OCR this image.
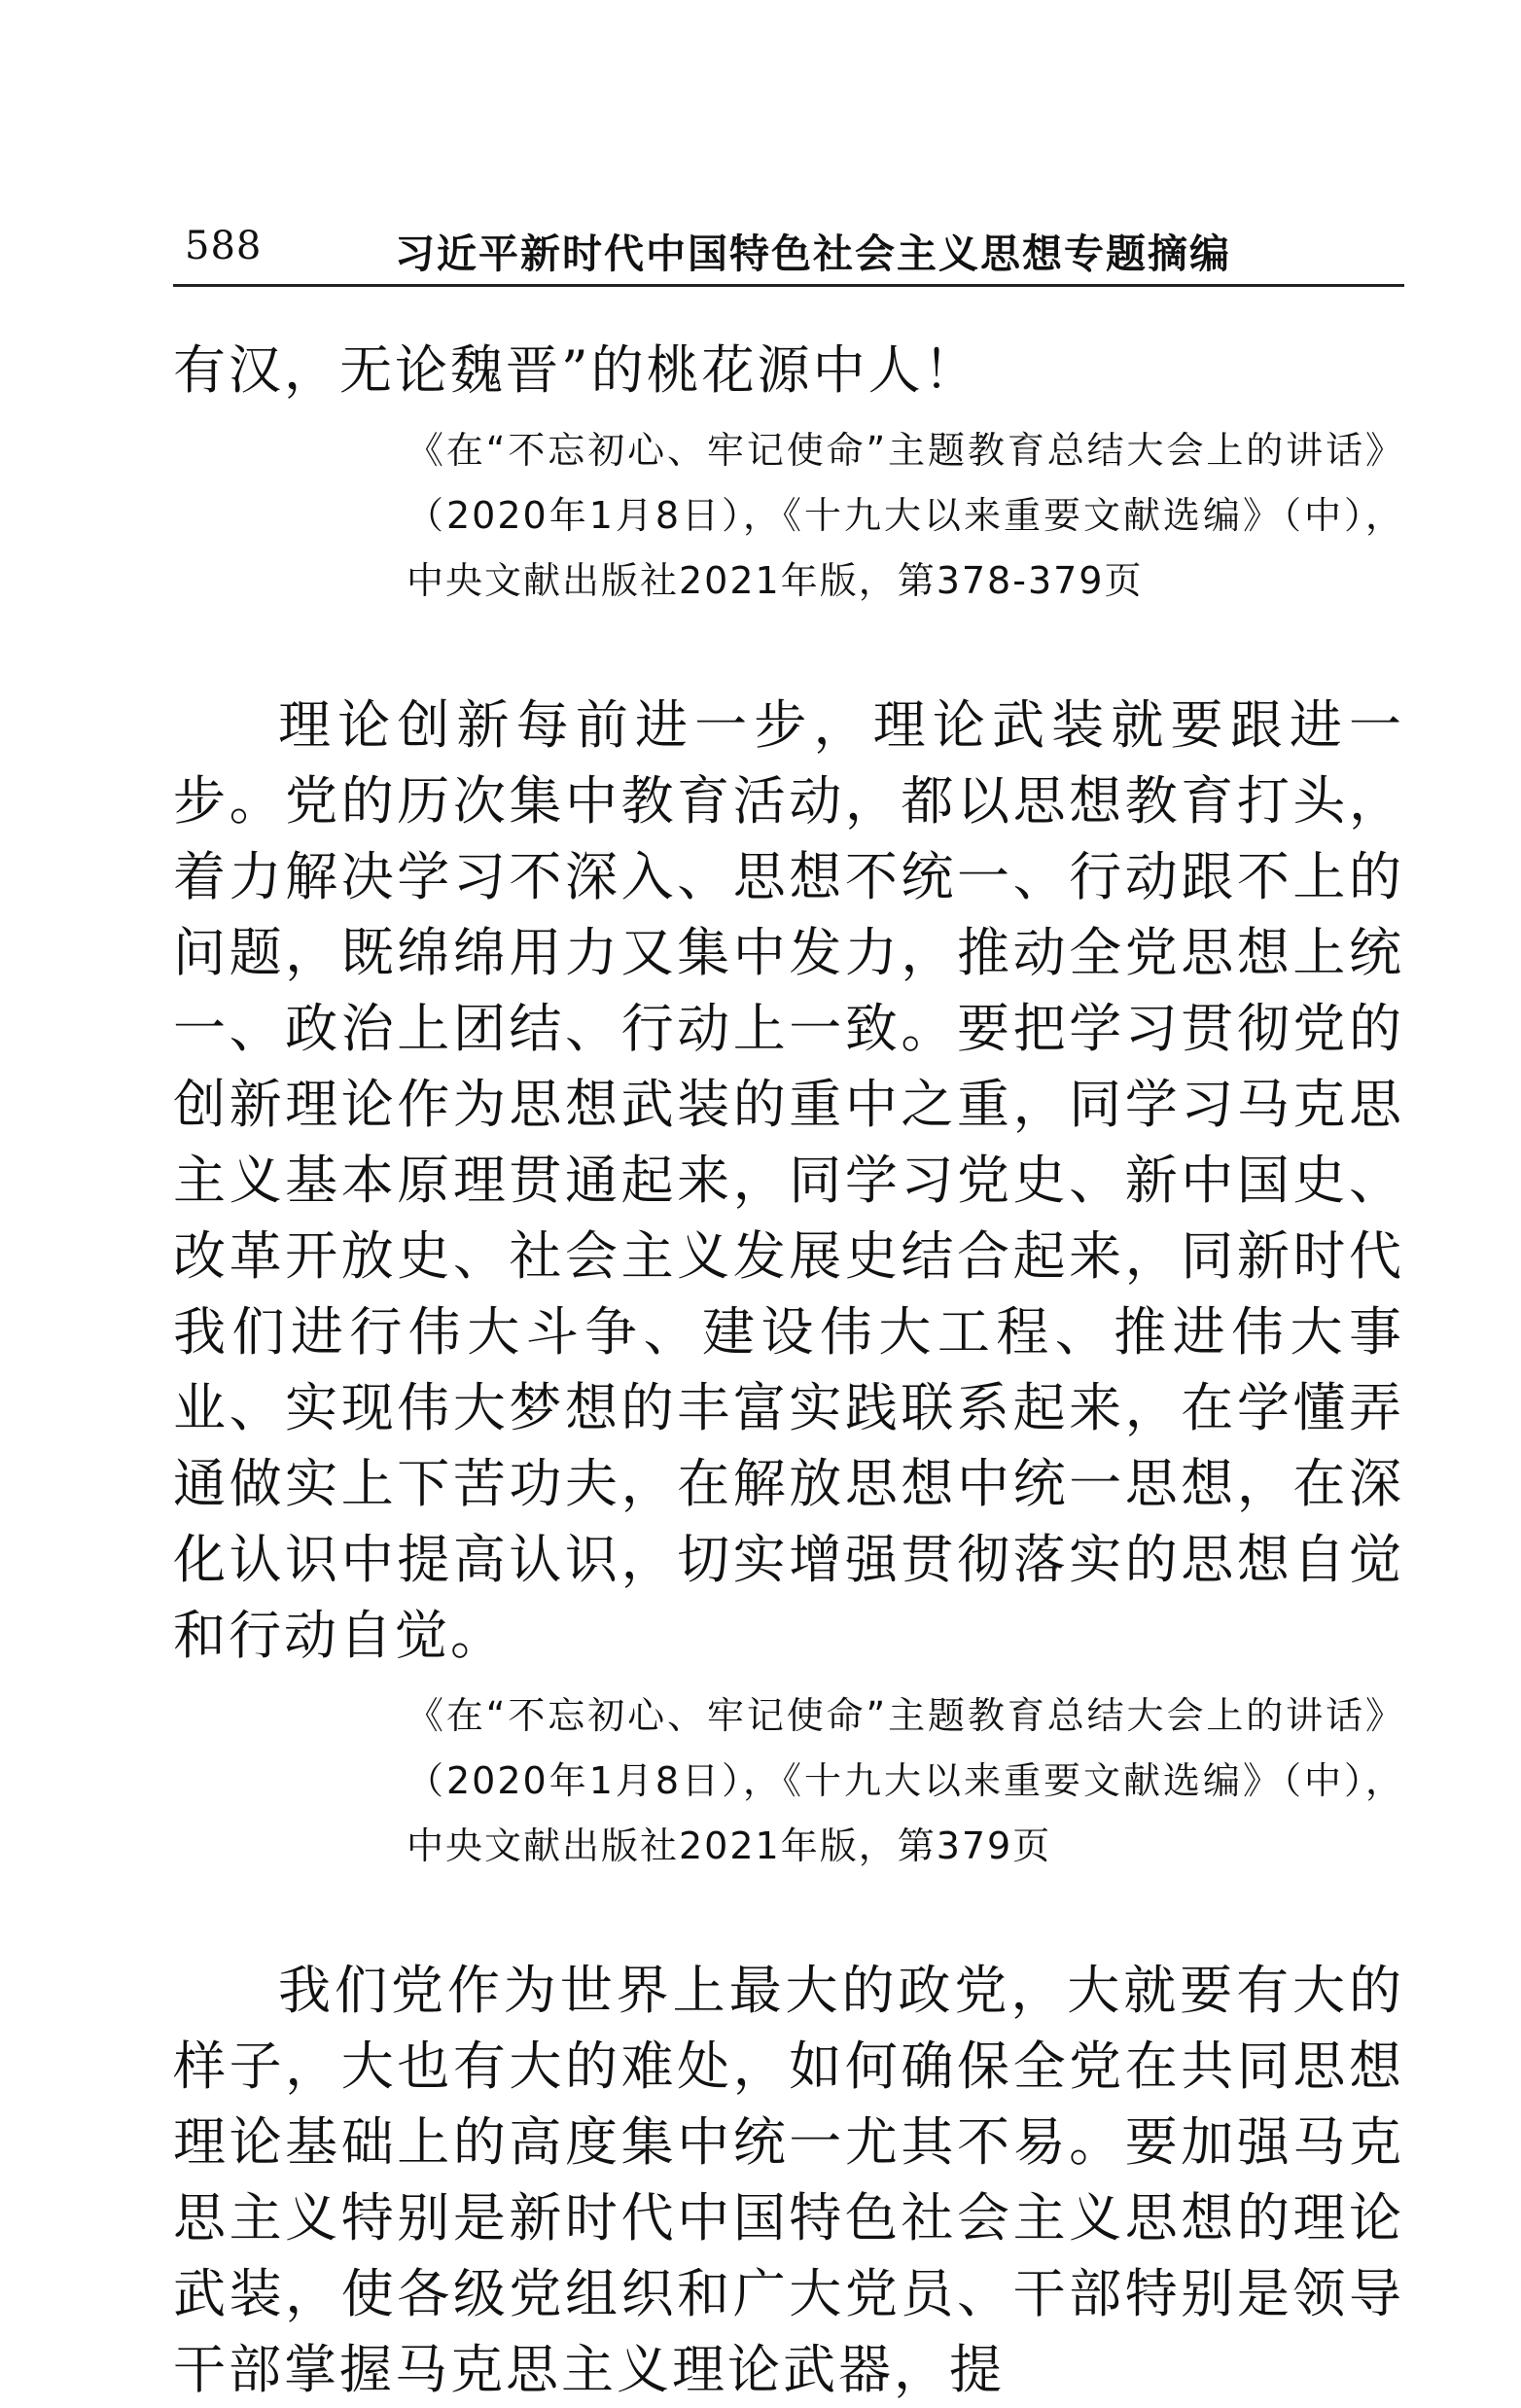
588	习近平新时代中国特色社会主义思想专题摘编

有汉，无论魏晋”的桃花源中人！

《在“不忘初心、牢记使命”主题教育总结大会上的讲话》（2020年1月8日），《十九大以来重要文献选编》（中），中央文献出版社2021年版，第378-379页

理论创新每前进一步，理论武装就要跟进一步。党的历次集中教育活动，都以思想教育打头，着力解决学习不深入、思想不统一、行动跟不上的问题，既绵绵用力又集中发力，推动全党思想上统一、政治上团结、行动上一致。要把学习贯彻党的创新理论作为思想武装的重中之重，同学习马克思主义基本原理贯通起来，同学习党史、新中国史、改革开放史、社会主义发展史结合起来，同新时代我们进行伟大斗争、建设伟大工程、推进伟大事业、实现伟大梦想的丰富实践联系起来，在学懂弄通做实上下苦功夫，在解放思想中统一思想，在深化认识中提高认识，切实增强贯彻落实的思想自觉和行动自觉。

《在“不忘初心、牢记使命”主题教育总结大会上的讲话》（2020年1月8日），《十九大以来重要文献选编》（中），中央文献出版社2021年版，第379页

我们党作为世界上最大的政党，大就要有大的样子，大也有大的难处，如何确保全党在共同思想理论基础上的高度集中统一尤其不易。要加强马克思主义特别是新时代中国特色社会主义思想的理论武装，使各级党组织和广大党员、干部特别是领导干部掌握马克思主义理论武器，提
